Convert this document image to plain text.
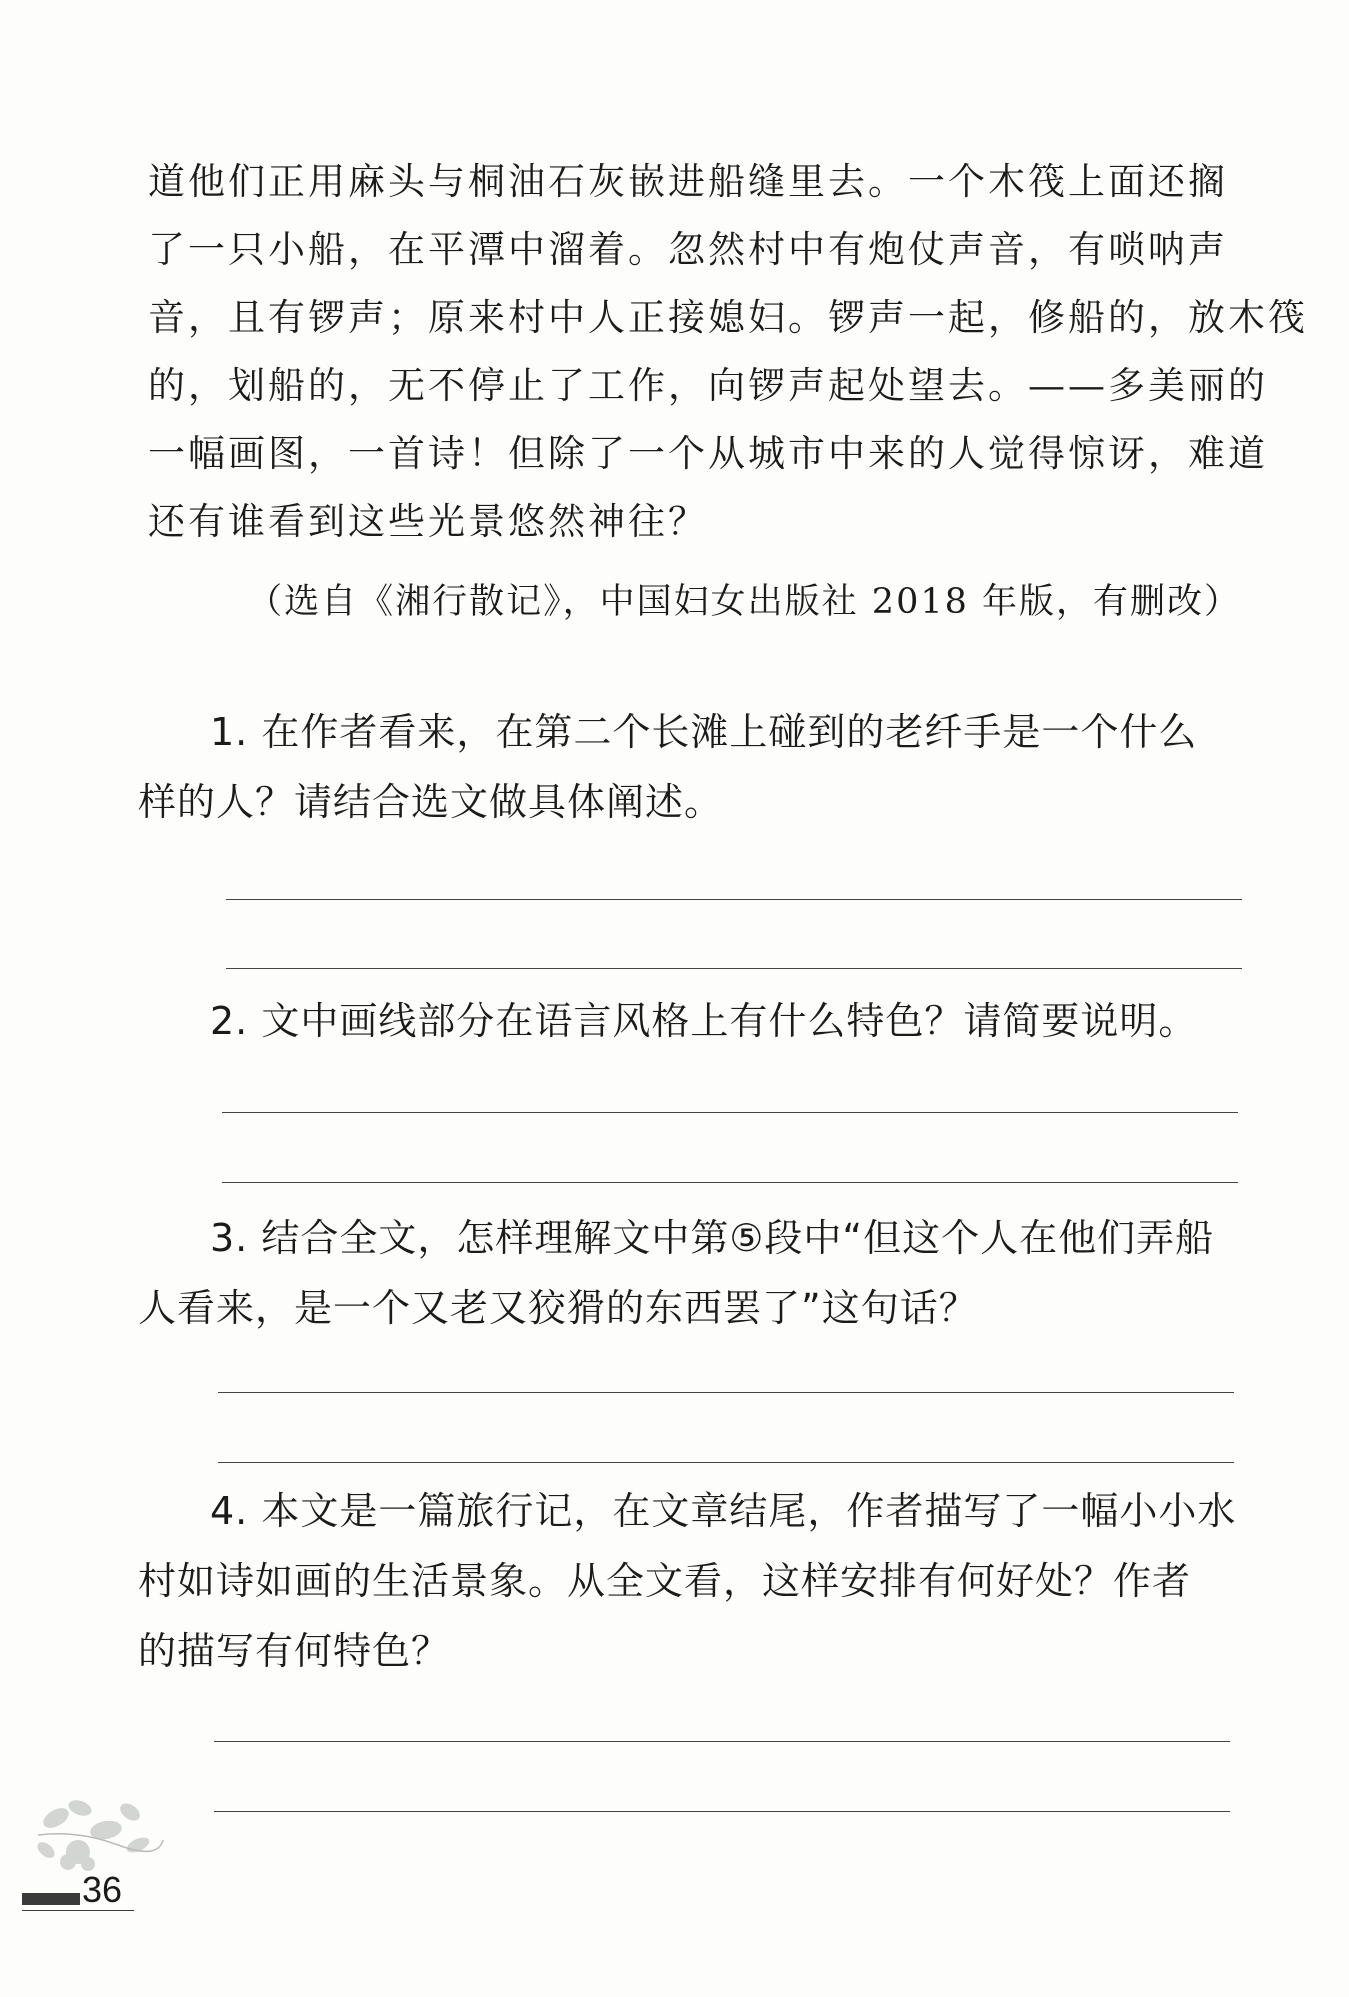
道他们正用麻头与桐油石灰嵌进船缝里去。一个木筏上面还搁
了一只小船，在平潭中溜着。忽然村中有炮仗声音，有唢呐声
音，且有锣声；原来村中人正接媳妇。锣声一起，修船的，放木筏
的，划船的，无不停止了工作，向锣声起处望去。——多美丽的
一幅画图，一首诗！但除了一个从城市中来的人觉得惊讶，难道
还有谁看到这些光景悠然神往？
（选自《湘行散记》，中国妇女出版社 2018 年版，有删改）
1. 在作者看来，在第二个长滩上碰到的老纤手是一个什么
样的人？请结合选文做具体阐述。
2. 文中画线部分在语言风格上有什么特色？请简要说明。
3. 结合全文，怎样理解文中第⑤段中“但这个人在他们弄船
人看来，是一个又老又狡猾的东西罢了”这句话？
4. 本文是一篇旅行记，在文章结尾，作者描写了一幅小小水
村如诗如画的生活景象。从全文看，这样安排有何好处？作者
的描写有何特色？
36
